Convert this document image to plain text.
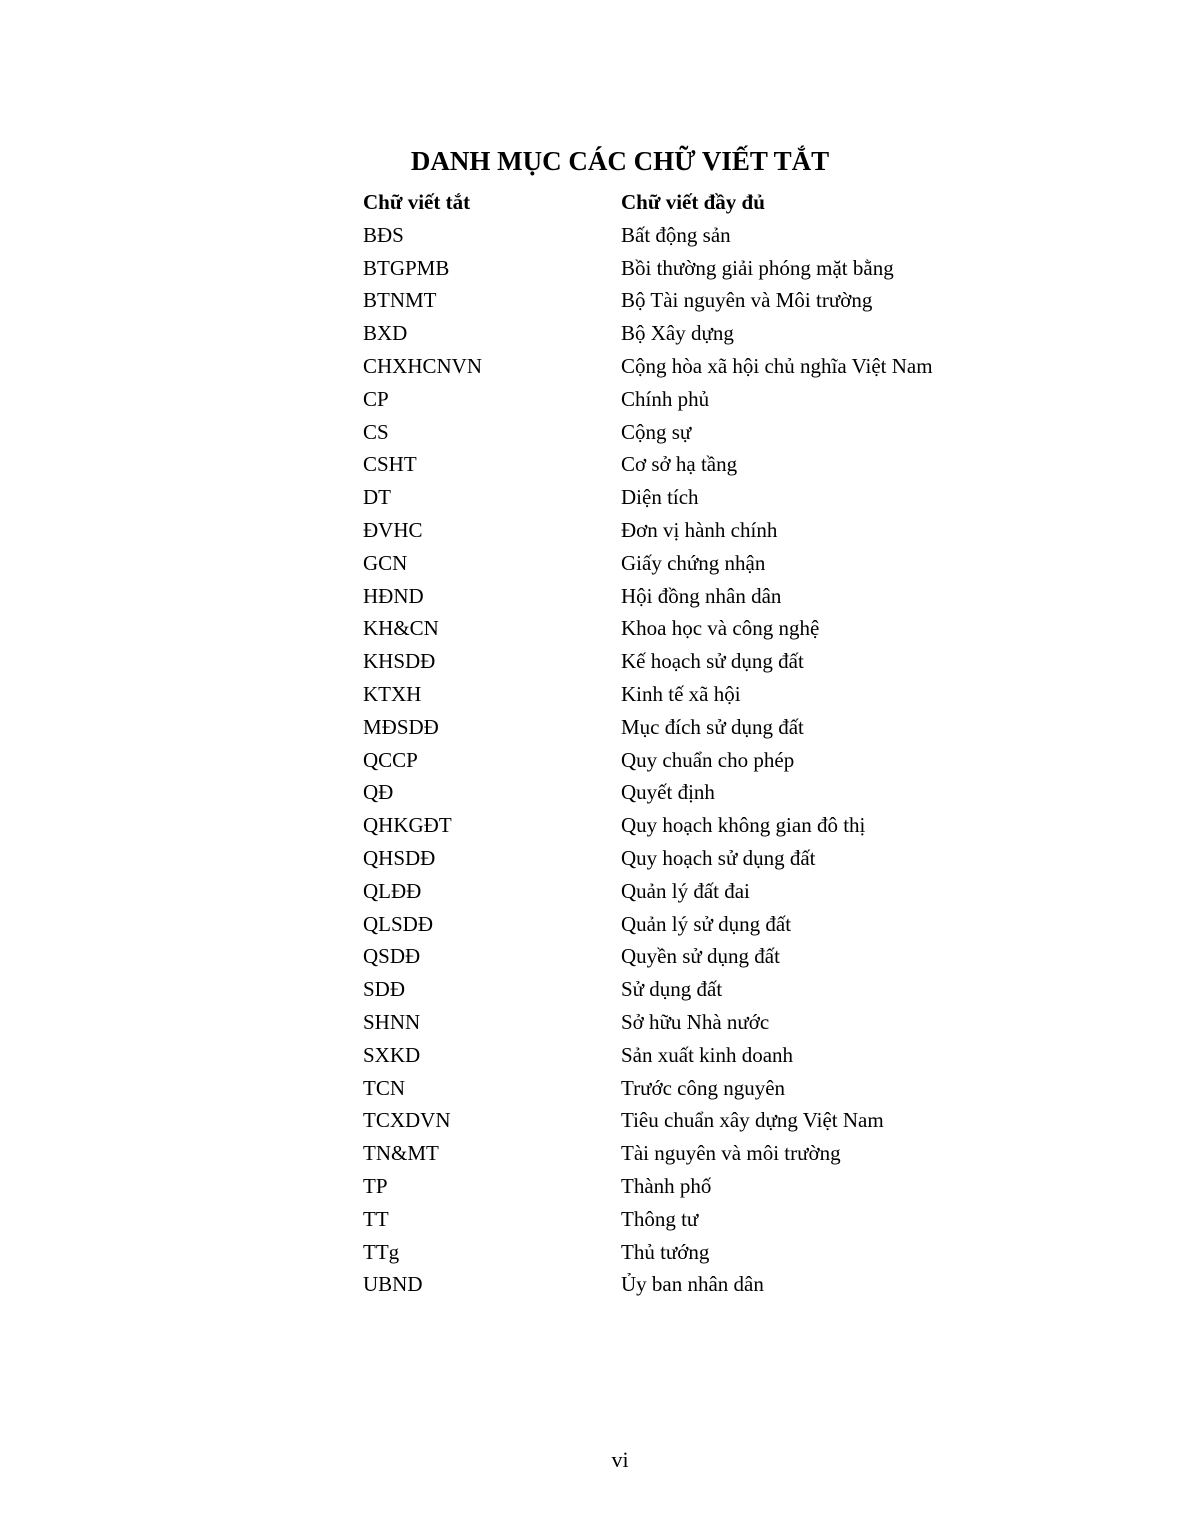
DANH MỤC CÁC CHỮ VIẾT TẮT
Chữ viết tắt	Chữ viết đầy đủ
BĐS	Bất động sản
BTGPMB	Bồi thường giải phóng mặt bằng
BTNMT	Bộ Tài nguyên và Môi trường
BXD	Bộ Xây dựng
CHXHCNVN	Cộng hòa xã hội chủ nghĩa Việt Nam
CP	Chính phủ
CS	Cộng sự
CSHT	Cơ sở hạ tầng
DT	Diện tích
ĐVHC	Đơn vị hành chính
GCN	Giấy chứng nhận
HĐND	Hội đồng nhân dân
KH&CN	Khoa học và công nghệ
KHSDĐ	Kế hoạch sử dụng đất
KTXH	Kinh tế xã hội
MĐSDĐ	Mục đích sử dụng đất
QCCP	Quy chuẩn cho phép
QĐ	Quyết định
QHKGĐT	Quy hoạch không gian đô thị
QHSDĐ	Quy hoạch sử dụng đất
QLĐĐ	Quản lý đất đai
QLSDĐ	Quản lý sử dụng đất
QSDĐ	Quyền sử dụng đất
SDĐ	Sử dụng đất
SHNN	Sở hữu Nhà nước
SXKD	Sản xuất kinh doanh
TCN	Trước công nguyên
TCXDVN	Tiêu chuẩn xây dựng Việt Nam
TN&MT	Tài nguyên và môi trường
TP	Thành phố
TT	Thông tư
TTg	Thủ tướng
UBND	Ủy ban nhân dân
vi
